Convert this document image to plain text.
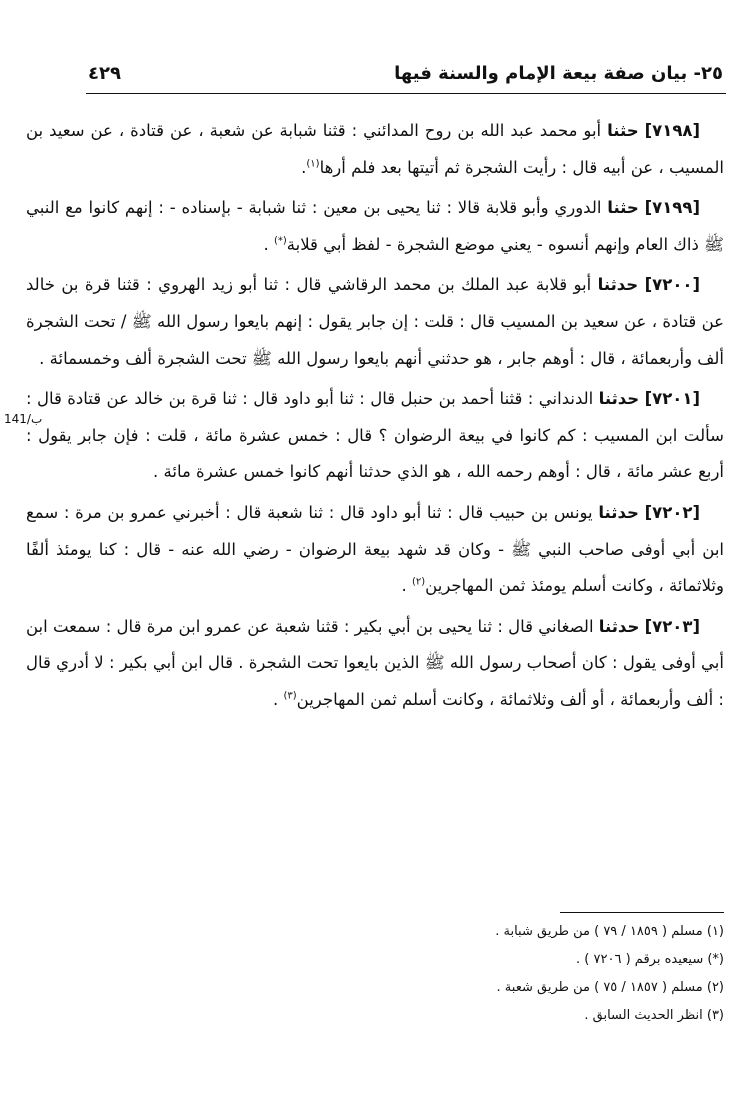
٢٥- بيان صفة بيعة الإمام والسنة فيها
٤٢٩
ب/141

[٧١٩٨] حثنا أبو محمد عبد الله بن روح المدائني : قثنا شبابة عن شعبة ، عن قتادة ، عن سعيد بن المسيب ، عن أبيه قال : رأيت الشجرة ثم أتيتها بعد فلم أرها$^{(١)}$.

[٧١٩٩] حثنا الدوري وأبو قلابة قالا : ثنا يحيى بن معين : ثنا شبابة - بإسناده - : إنهم كانوا مع النبي ﷺ ذاك العام وإنهم أنسوه - يعني موضع الشجرة - لفظ أبي قلابة(*) .

[٧٢٠٠] حدثنا أبو قلابة عبد الملك بن محمد الرقاشي قال : ثنا أبو زيد الهروي : قثنا قرة بن خالد عن قتادة ، عن سعيد بن المسيب قال : قلت : إن جابر يقول : إنهم بايعوا رسول الله ﷺ / تحت الشجرة ألف وأربعمائة ، قال : أوهم جابر ، هو حدثني أنهم بايعوا رسول الله ﷺ تحت الشجرة ألف وخمسمائة .

[٧٢٠١] حدثنا الدنداني : قثنا أحمد بن حنبل قال : ثنا أبو داود قال : ثنا قرة بن خالد عن قتادة قال : سألت ابن المسيب : كم كانوا في بيعة الرضوان ؟ قال : خمس عشرة مائة ، قلت : فإن جابر يقول : أربع عشر مائة ، قال : أوهم رحمه الله ، هو الذي حدثنا أنهم كانوا خمس عشرة مائة .

[٧٢٠٢] حدثنا يونس بن حبيب قال : ثنا أبو داود قال : ثنا شعبة قال : أخبرني عمرو بن مرة : سمع ابن أبي أوفى صاحب النبي ﷺ - وكان قد شهد بيعة الرضوان - رضي الله عنه - قال : كنا يومئذ ألفًا وثلاثمائة ، وكانت أسلم يومئذ ثمن المهاجرين$^{(٢)}$ .

[٧٢٠٣] حدثنا الصغاني قال : ثنا يحيى بن أبي بكير : قثنا شعبة عن عمرو ابن مرة قال : سمعت ابن أبي أوفى يقول : كان أصحاب رسول الله ﷺ الذين بايعوا تحت الشجرة . قال ابن أبي بكير : لا أدري قال : ألف وأربعمائة ، أو ألف وثلاثمائة ، وكانت أسلم ثمن المهاجرين$^{(٣)}$ .

(١) مسلم ( ١٨٥٩ / ٧٩ ) من طريق شبابة .
(*) سيعيده برقم ( ٧٢٠٦ ) .
(٢) مسلم ( ١٨٥٧ / ٧٥ ) من طريق شعبة .
(٣) انظر الحديث السابق .
